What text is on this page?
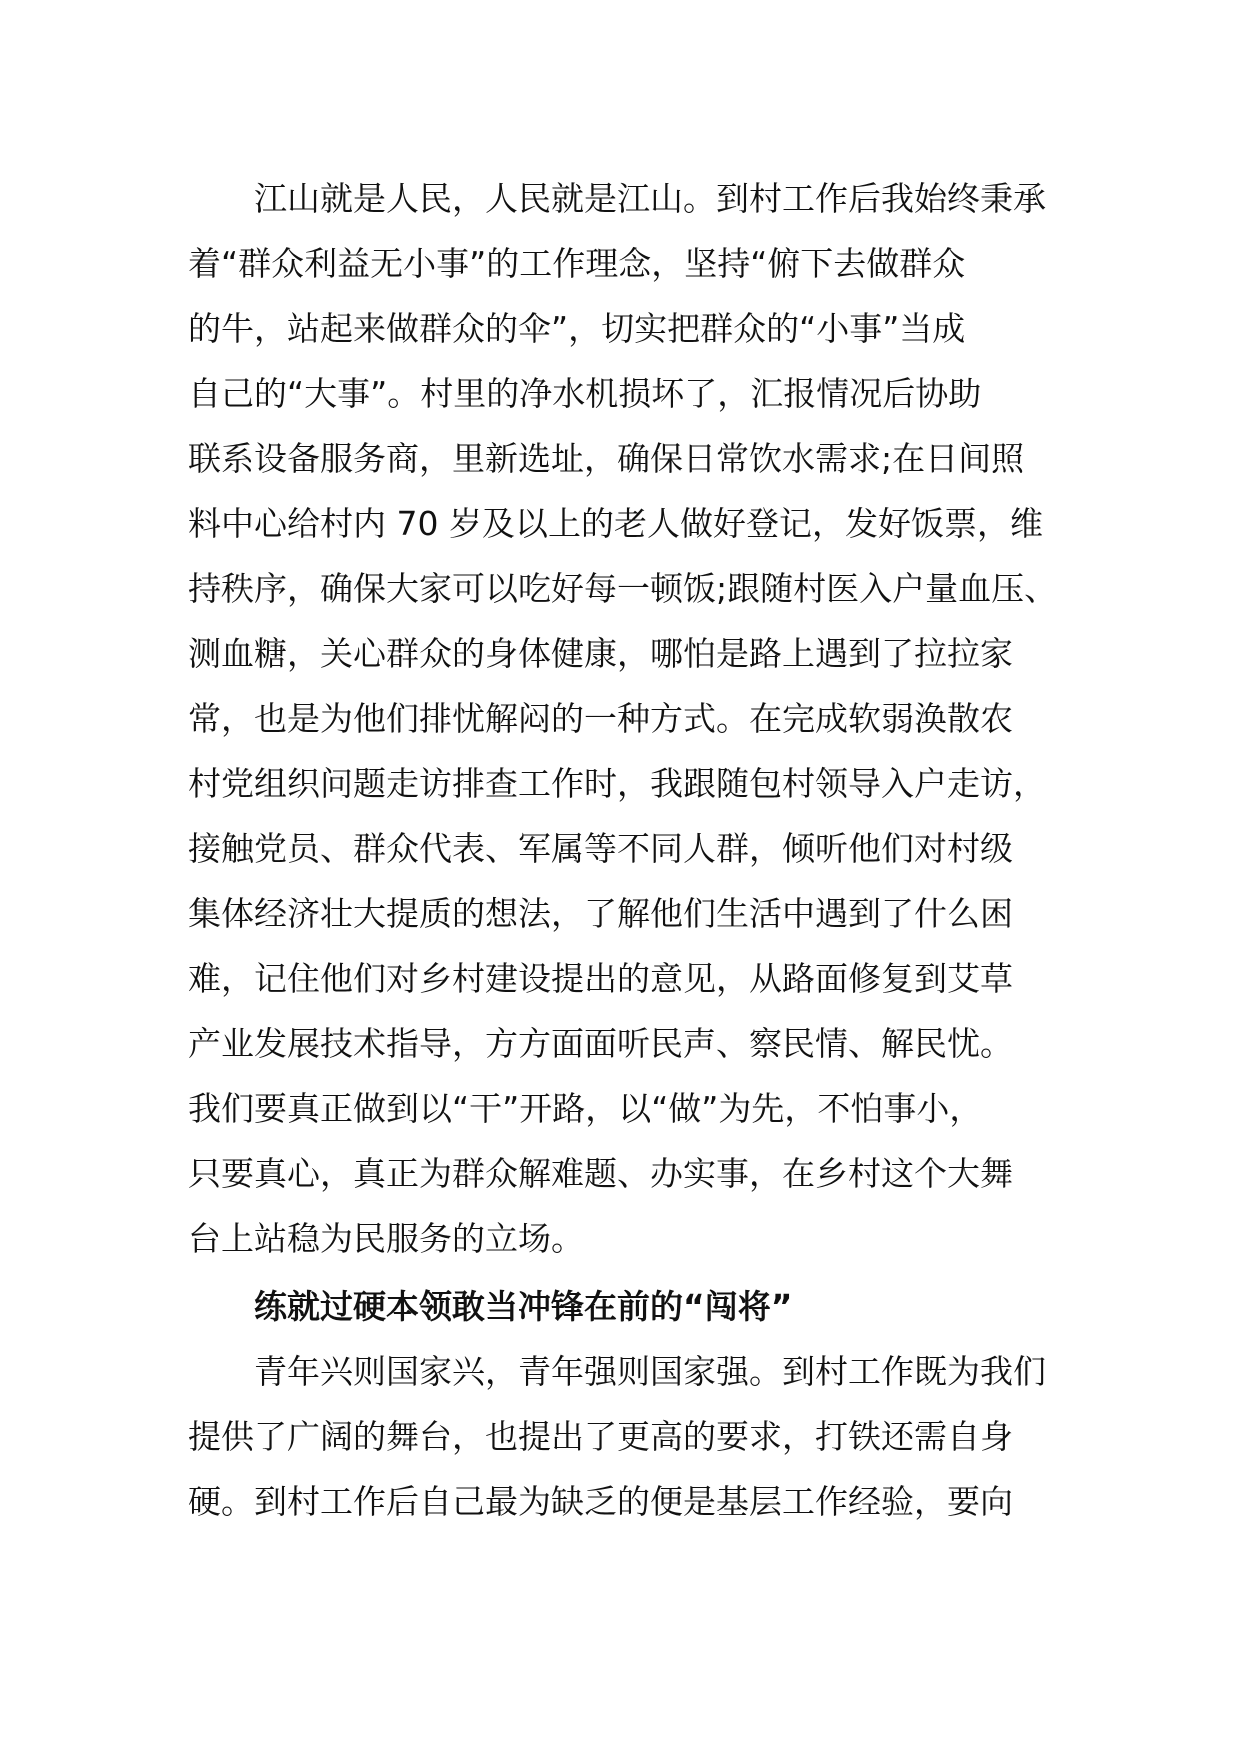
　　江山就是人民，人民就是江山。到村工作后我始终秉承
着“群众利益无小事”的工作理念，坚持“俯下去做群众
的牛，站起来做群众的伞”，切实把群众的“小事”当成
自己的“大事”。村里的净水机损坏了，汇报情况后协助
联系设备服务商，里新选址，确保日常饮水需求;在日间照
料中心给村内 70 岁及以上的老人做好登记，发好饭票，维
持秩序，确保大家可以吃好每一顿饭;跟随村医入户量血压、
测血糖，关心群众的身体健康，哪怕是路上遇到了拉拉家
常，也是为他们排忧解闷的一种方式。在完成软弱涣散农
村党组织问题走访排查工作时，我跟随包村领导入户走访，
接触党员、群众代表、军属等不同人群，倾听他们对村级
集体经济壮大提质的想法，了解他们生活中遇到了什么困
难，记住他们对乡村建设提出的意见，从路面修复到艾草
产业发展技术指导，方方面面听民声、察民情、解民忧。
我们要真正做到以“干”开路，以“做”为先，不怕事小，
只要真心，真正为群众解难题、办实事，在乡村这个大舞
台上站稳为民服务的立场。
　　练就过硬本领敢当冲锋在前的“闯将”
　　青年兴则国家兴，青年强则国家强。到村工作既为我们
提供了广阔的舞台，也提出了更高的要求，打铁还需自身
硬。到村工作后自己最为缺乏的便是基层工作经验，要向
